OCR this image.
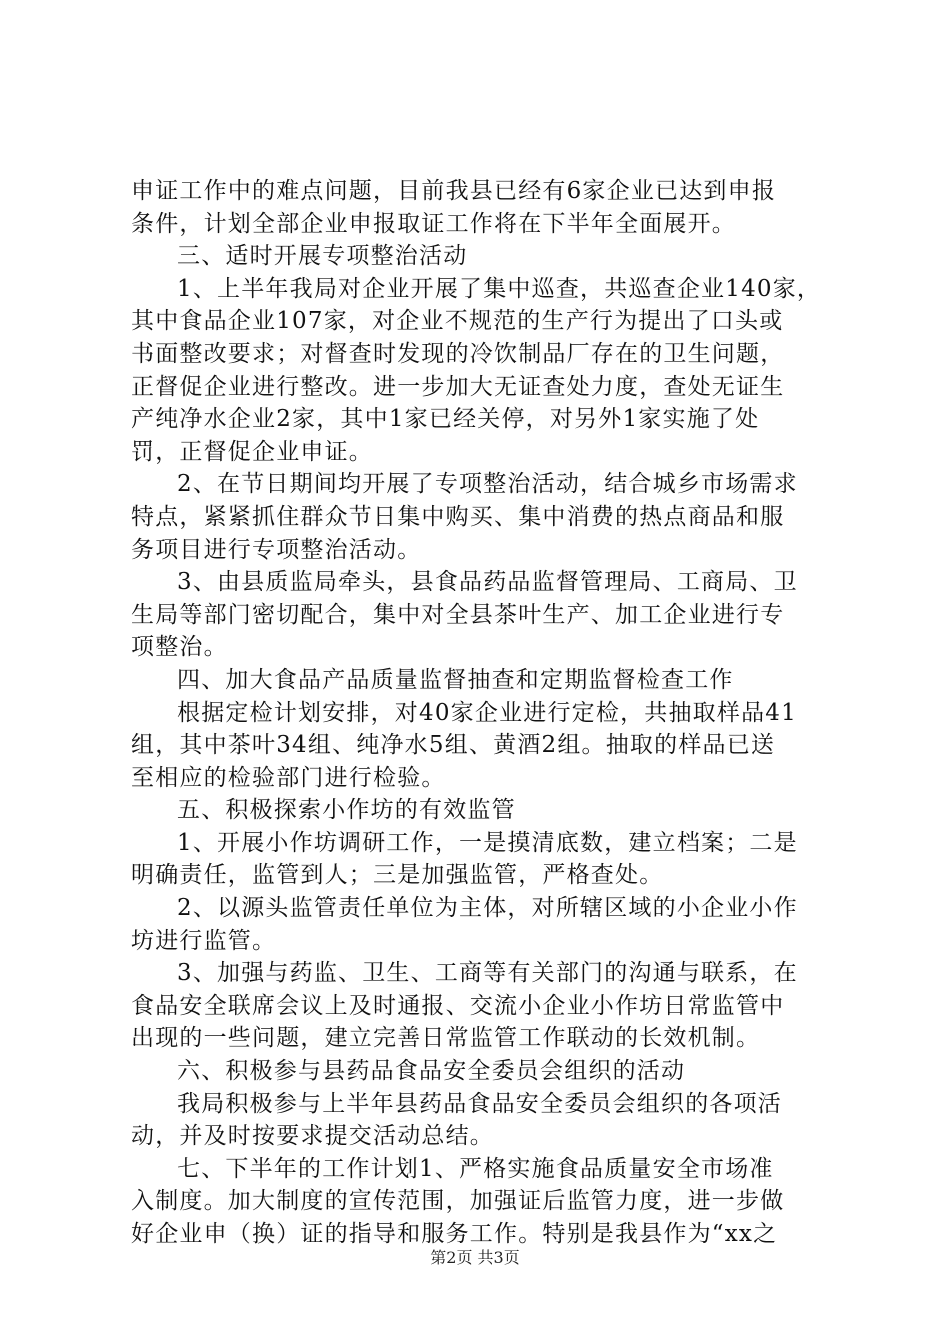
申证工作中的难点问题，目前我县已经有6家企业已达到申报
条件，计划全部企业申报取证工作将在下半年全面展开。
三、适时开展专项整治活动
1、上半年我局对企业开展了集中巡查，共巡查企业140家，
其中食品企业107家，对企业不规范的生产行为提出了口头或
书面整改要求；对督查时发现的冷饮制品厂存在的卫生问题，
正督促企业进行整改。进一步加大无证查处力度，查处无证生
产纯净水企业2家，其中1家已经关停，对另外1家实施了处
罚，正督促企业申证。
2、在节日期间均开展了专项整治活动，结合城乡市场需求
特点，紧紧抓住群众节日集中购买、集中消费的热点商品和服
务项目进行专项整治活动。
3、由县质监局牵头，县食品药品监督管理局、工商局、卫
生局等部门密切配合，集中对全县茶叶生产、加工企业进行专
项整治。
四、加大食品产品质量监督抽查和定期监督检查工作
根据定检计划安排，对40家企业进行定检，共抽取样品41
组，其中茶叶34组、纯净水5组、黄酒2组。抽取的样品已送
至相应的检验部门进行检验。
五、积极探索小作坊的有效监管
1、开展小作坊调研工作，一是摸清底数，建立档案；二是
明确责任，监管到人；三是加强监管，严格查处。
2、以源头监管责任单位为主体，对所辖区域的小企业小作
坊进行监管。
3、加强与药监、卫生、工商等有关部门的沟通与联系，在
食品安全联席会议上及时通报、交流小企业小作坊日常监管中
出现的一些问题，建立完善日常监管工作联动的长效机制。
六、积极参与县药品食品安全委员会组织的活动
我局积极参与上半年县药品食品安全委员会组织的各项活
动，并及时按要求提交活动总结。
七、下半年的工作计划1、严格实施食品质量安全市场准
入制度。加大制度的宣传范围，加强证后监管力度，进一步做
好企业申（换）证的指导和服务工作。特别是我县作为“xx之
第2页 共3页
